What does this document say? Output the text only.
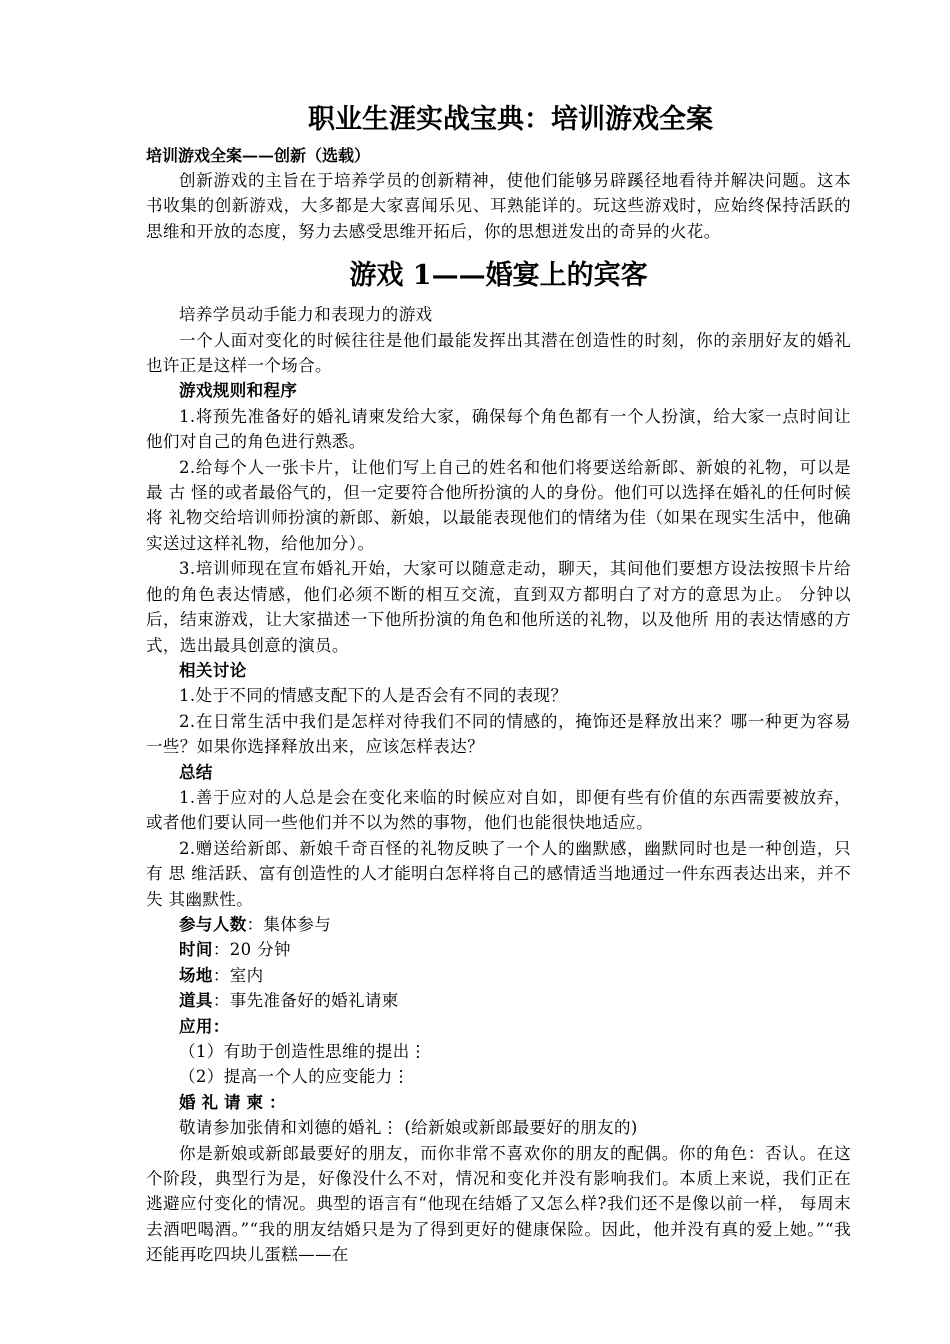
职业生涯实战宝典：培训游戏全案
培训游戏全案——创新（选载）

创新游戏的主旨在于培养学员的创新精神，使他们能够另辟蹊径地看待并解决问题。这本书收集的创新游戏，大多都是大家喜闻乐见、耳熟能详的。玩这些游戏时，应始终保持活跃的思维和开放的态度，努力去感受思维开拓后，你的思想迸发出的奇异的火花。

游戏 1——婚宴上的宾客

培养学员动手能力和表现力的游戏

一个人面对变化的时候往往是他们最能发挥出其潜在创造性的时刻，你的亲朋好友的婚礼 也许正是这样一个场合。

游戏规则和程序

1.将预先准备好的婚礼请柬发给大家，确保每个角色都有一个人扮演，给大家一点时间让 他们对自己的角色进行熟悉。

2.给每个人一张卡片，让他们写上自己的姓名和他们将要送给新郎、新娘的礼物，可以是最 古 怪的或者最俗气的，但一定要符合他所扮演的人的身份。他们可以选择在婚礼的任何时候将 礼物交给培训师扮演的新郎、新娘，以最能表现他们的情绪为佳（如果在现实生活中，他确实送过这样礼物，给他加分）。

3.培训师现在宣布婚礼开始，大家可以随意走动，聊天，其间他们要想方设法按照卡片给 他的角色表达情感，他们必须不断的相互交流，直到双方都明白了对方的意思为止。 分钟以后，结束游戏，让大家描述一下他所扮演的角色和他所送的礼物，以及他所 用的表达情感的方式，选出最具创意的演员。

相关讨论

1.处于不同的情感支配下的人是否会有不同的表现？

2.在日常生活中我们是怎样对待我们不同的情感的，掩饰还是释放出来？哪一种更为容易 一些？如果你选择释放出来，应该怎样表达？

总结

1.善于应对的人总是会在变化来临的时候应对自如，即便有些有价值的东西需要被放弃， 或者他们要认同一些他们并不以为然的事物，他们也能很快地适应。

2.赠送给新郎、新娘千奇百怪的礼物反映了一个人的幽默感，幽默同时也是一种创造，只有 思 维活跃、富有创造性的人才能明白怎样将自己的感情适当地通过一件东西表达出来，并不失 其幽默性。

参与人数：集体参与

时间：20 分钟

场地：室内

道具：事先准备好的婚礼请柬

应用：

（1）有助于创造性思维的提出⋮

（2）提高一个人的应变能力⋮

婚礼请柬：

敬请参加张倩和刘德的婚礼⋮ (给新娘或新郎最要好的朋友的)

你是新娘或新郎最要好的朋友，而你非常不喜欢你的朋友的配偶。你的角色：否认。在这个阶段，典型行为是，好像没什么不对，情况和变化并没有影响我们。本质上来说，我们正在逃避应付变化的情况。典型的语言有“他现在结婚了又怎么样?我们还不是像以前一样， 每周末去酒吧喝酒。”“我的朋友结婚只是为了得到更好的健康保险。因此，他并没有真的爱上她。”“我还能再吃四块儿蛋糕——在
